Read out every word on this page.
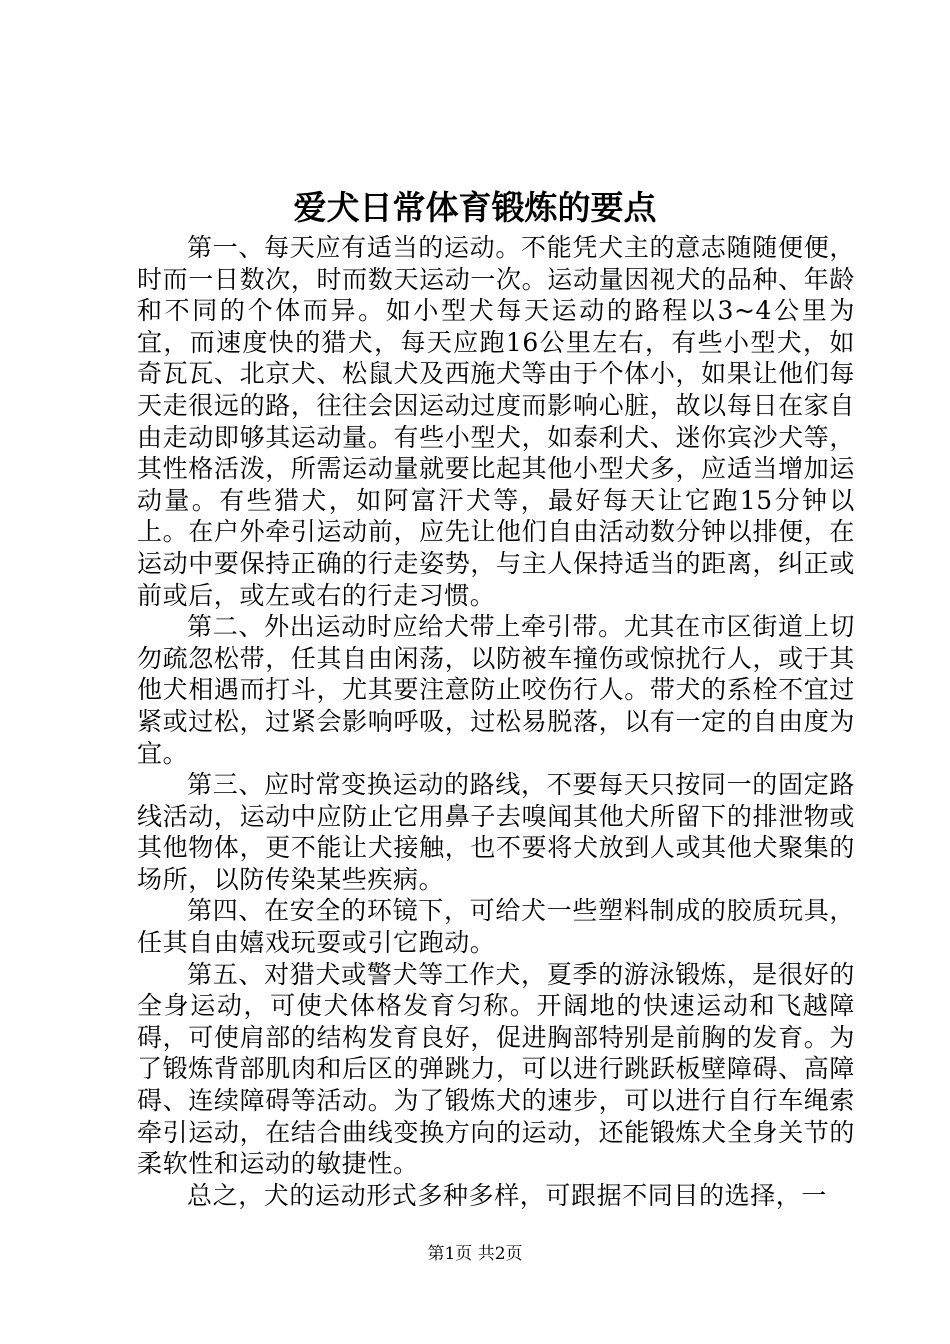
爱犬日常体育锻炼的要点

第一、每天应有适当的运动。不能凭犬主的意志随随便便，时而一日数次，时而数天运动一次。运动量因视犬的品种、年龄和不同的个体而异。如小型犬每天运动的路程以3~4公里为宜，而速度快的猎犬，每天应跑16公里左右，有些小型犬，如奇瓦瓦、北京犬、松鼠犬及西施犬等由于个体小，如果让他们每天走很远的路，往往会因运动过度而影响心脏，故以每日在家自由走动即够其运动量。有些小型犬，如泰利犬、迷你宾沙犬等，其性格活泼，所需运动量就要比起其他小型犬多，应适当增加运动量。有些猎犬，如阿富汗犬等，最好每天让它跑15分钟以上。在户外牵引运动前，应先让他们自由活动数分钟以排便，在运动中要保持正确的行走姿势，与主人保持适当的距离，纠正或前或后，或左或右的行走习惯。

第二、外出运动时应给犬带上牵引带。尤其在市区街道上切勿疏忽松带，任其自由闲荡，以防被车撞伤或惊扰行人，或于其他犬相遇而打斗，尤其要注意防止咬伤行人。带犬的系栓不宜过紧或过松，过紧会影响呼吸，过松易脱落，以有一定的自由度为宜。

第三、应时常变换运动的路线，不要每天只按同一的固定路线活动，运动中应防止它用鼻子去嗅闻其他犬所留下的排泄物或其他物体，更不能让犬接触，也不要将犬放到人或其他犬聚集的场所，以防传染某些疾病。

第四、在安全的环镜下，可给犬一些塑料制成的胶质玩具，任其自由嬉戏玩耍或引它跑动。

第五、对猎犬或警犬等工作犬，夏季的游泳锻炼，是很好的全身运动，可使犬体格发育匀称。开阔地的快速运动和飞越障碍，可使肩部的结构发育良好，促进胸部特别是前胸的发育。为了锻炼背部肌肉和后区的弹跳力，可以进行跳跃板壁障碍、高障碍、连续障碍等活动。为了锻炼犬的速步，可以进行自行车绳索牵引运动，在结合曲线变换方向的运动，还能锻炼犬全身关节的柔软性和运动的敏捷性。

总之，犬的运动形式多种多样，可跟据不同目的选择，一

第1页 共2页
